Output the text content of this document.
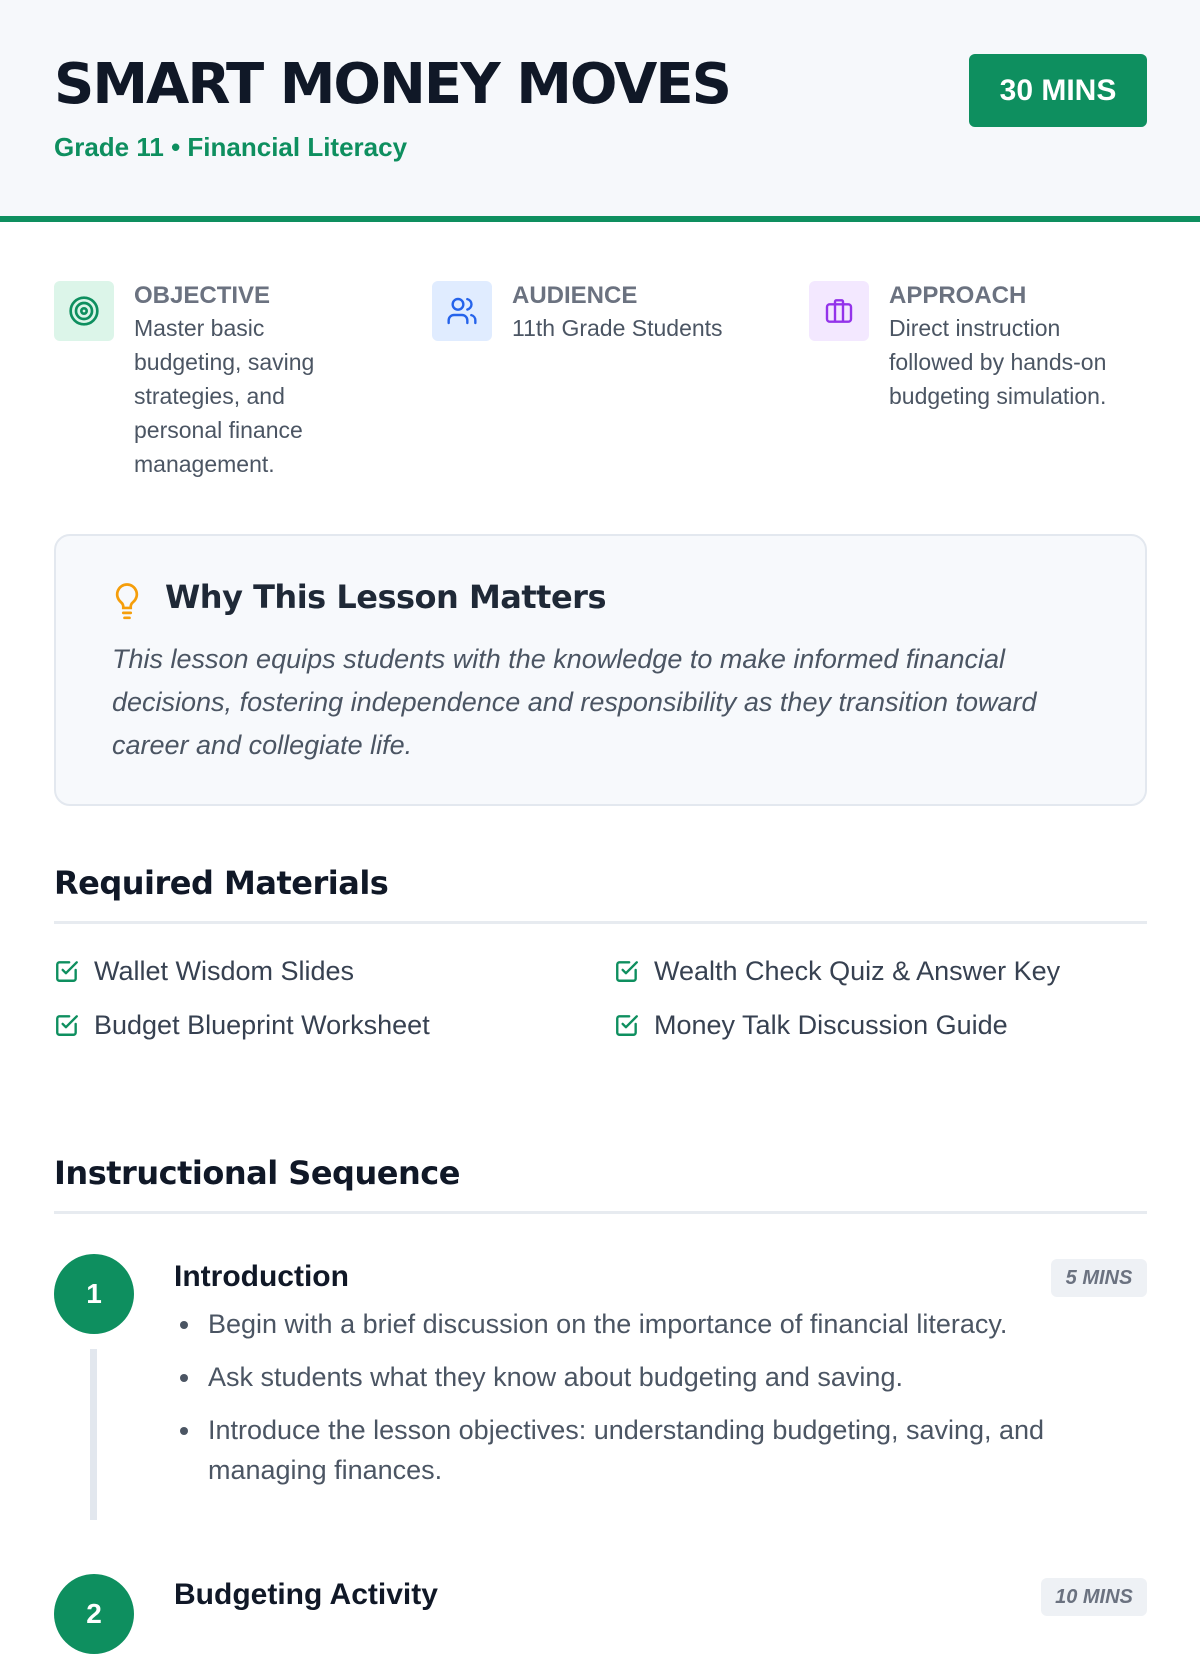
SMART MONEY MOVES
Grade 11 • Financial Literacy
30 MINS
OBJECTIVE
Master basic budgeting, saving strategies, and personal finance management.
AUDIENCE
11th Grade Students
APPROACH
Direct instruction followed by hands-on budgeting simulation.
Why This Lesson Matters
This lesson equips students with the knowledge to make informed financial decisions, fostering independence and responsibility as they transition toward career and collegiate life.
Required Materials
Wallet Wisdom Slides
Budget Blueprint Worksheet
Wealth Check Quiz & Answer Key
Money Talk Discussion Guide
Instructional Sequence
1
Introduction	5 MINS
Begin with a brief discussion on the importance of financial literacy.
Ask students what they know about budgeting and saving.
Introduce the lesson objectives: understanding budgeting, saving, and managing finances.
2
Budgeting Activity	10 MINS
